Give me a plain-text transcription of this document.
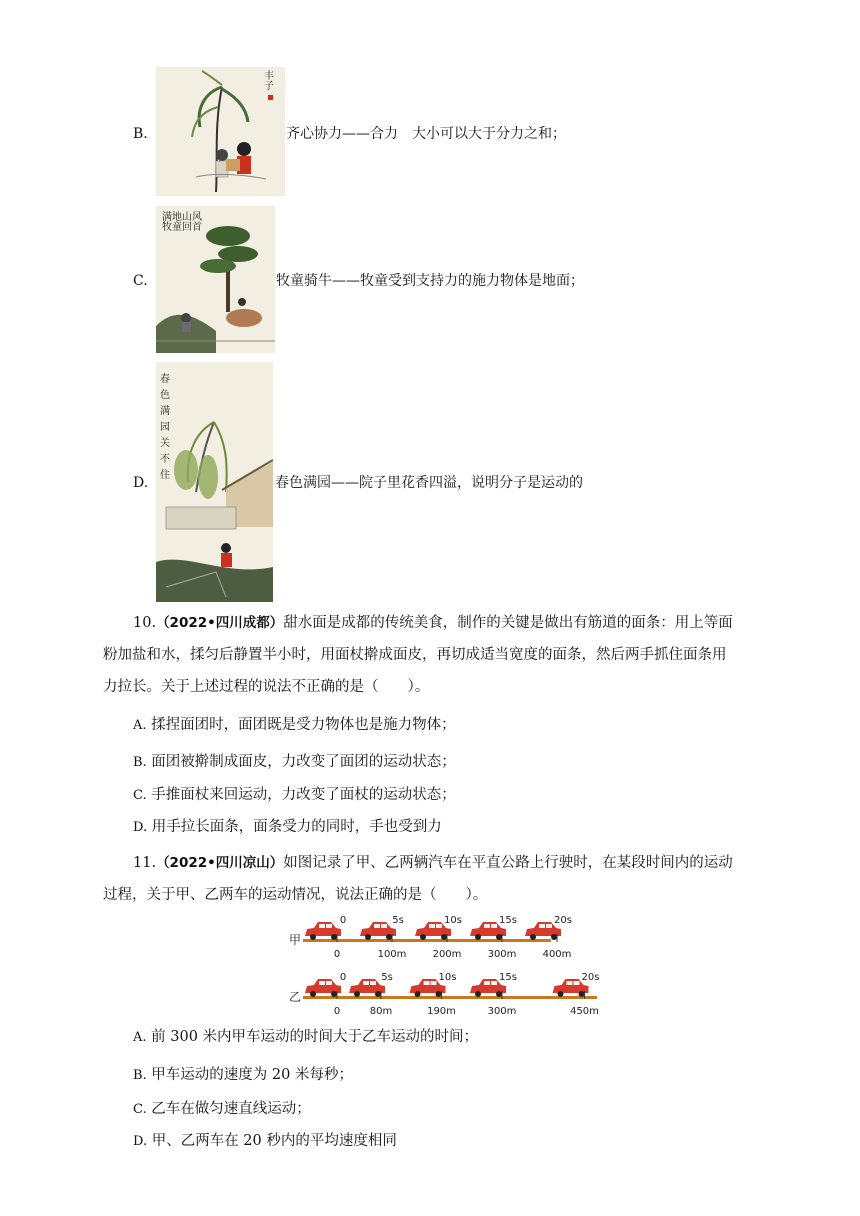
B.
丰
子
齐心协力——合力　大小可以大于分力之和；
C.
满地山风
牧童回首
牧童骑牛——牧童受到支持力的施力物体是地面；
D.
春
色
满
园
关
不
住	春色满园——院子里花香四溢，说明分子是运动的
10.（2022•四川成都）甜水面是成都的传统美食，制作的关键是做出有筋道的面条：用上等面
粉加盐和水，揉匀后静置半小时，用面杖擀成面皮，再切成适当宽度的面条，然后两手抓住面条用
力拉长。关于上述过程的说法不正确的是（　　）。
A. 揉捏面团时，面团既是受力物体也是施力物体；
B. 面团被擀制成面皮，力改变了面团的运动状态；
C. 手推面杖来回运动，力改变了面杖的运动状态；
D. 用手拉长面条，面条受力的同时，手也受到力
11.（2022•四川凉山）如图记录了甲、乙两辆汽车在平直公路上行驶时，在某段时间内的运动
过程，关于甲、乙两车的运动情况，说法正确的是（　　）。
甲
0
0
5s
100m
10s
200m
15s
300m
20s
400m
乙
0
0
5s
80m
10s
190m
15s
300m
20s
450m
A. 前 300 米内甲车运动的时间大于乙车运动的时间；
B. 甲车运动的速度为 20 米每秒；
C. 乙车在做匀速直线运动；
D. 甲、乙两车在 20 秒内的平均速度相同
